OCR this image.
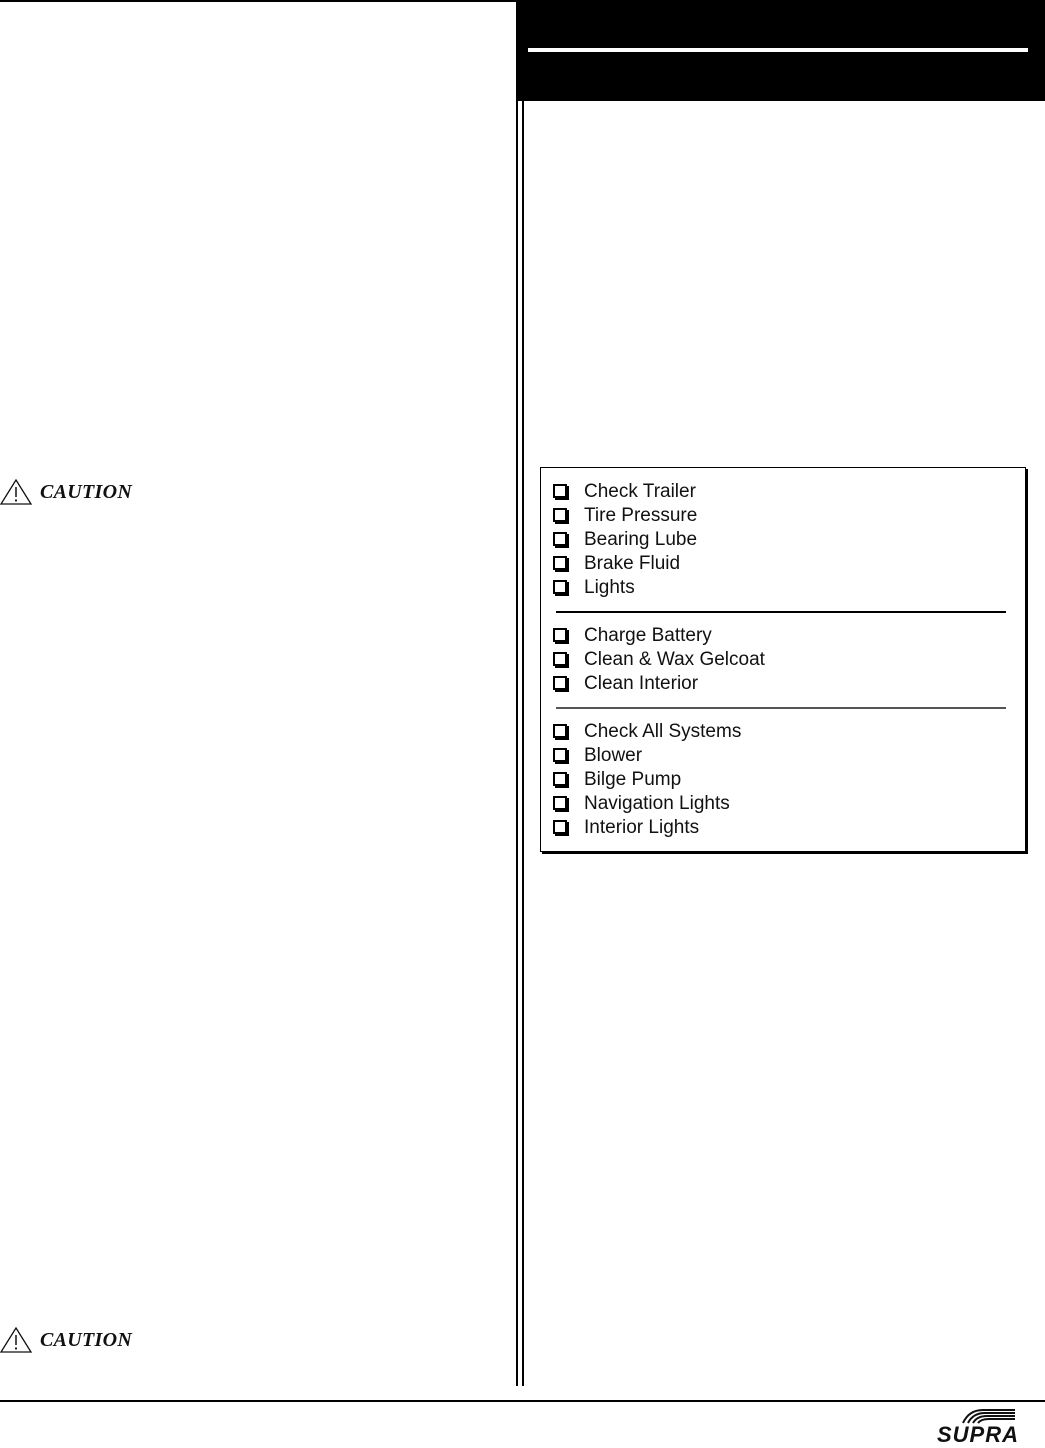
CAUTION
CAUTION
Check Trailer
Tire Pressure
Bearing Lube
Brake Fluid
Lights
Charge Battery
Clean & Wax Gelcoat
Clean Interior
Check All Systems
Blower
Bilge Pump
Navigation Lights
Interior Lights
SUPRA
